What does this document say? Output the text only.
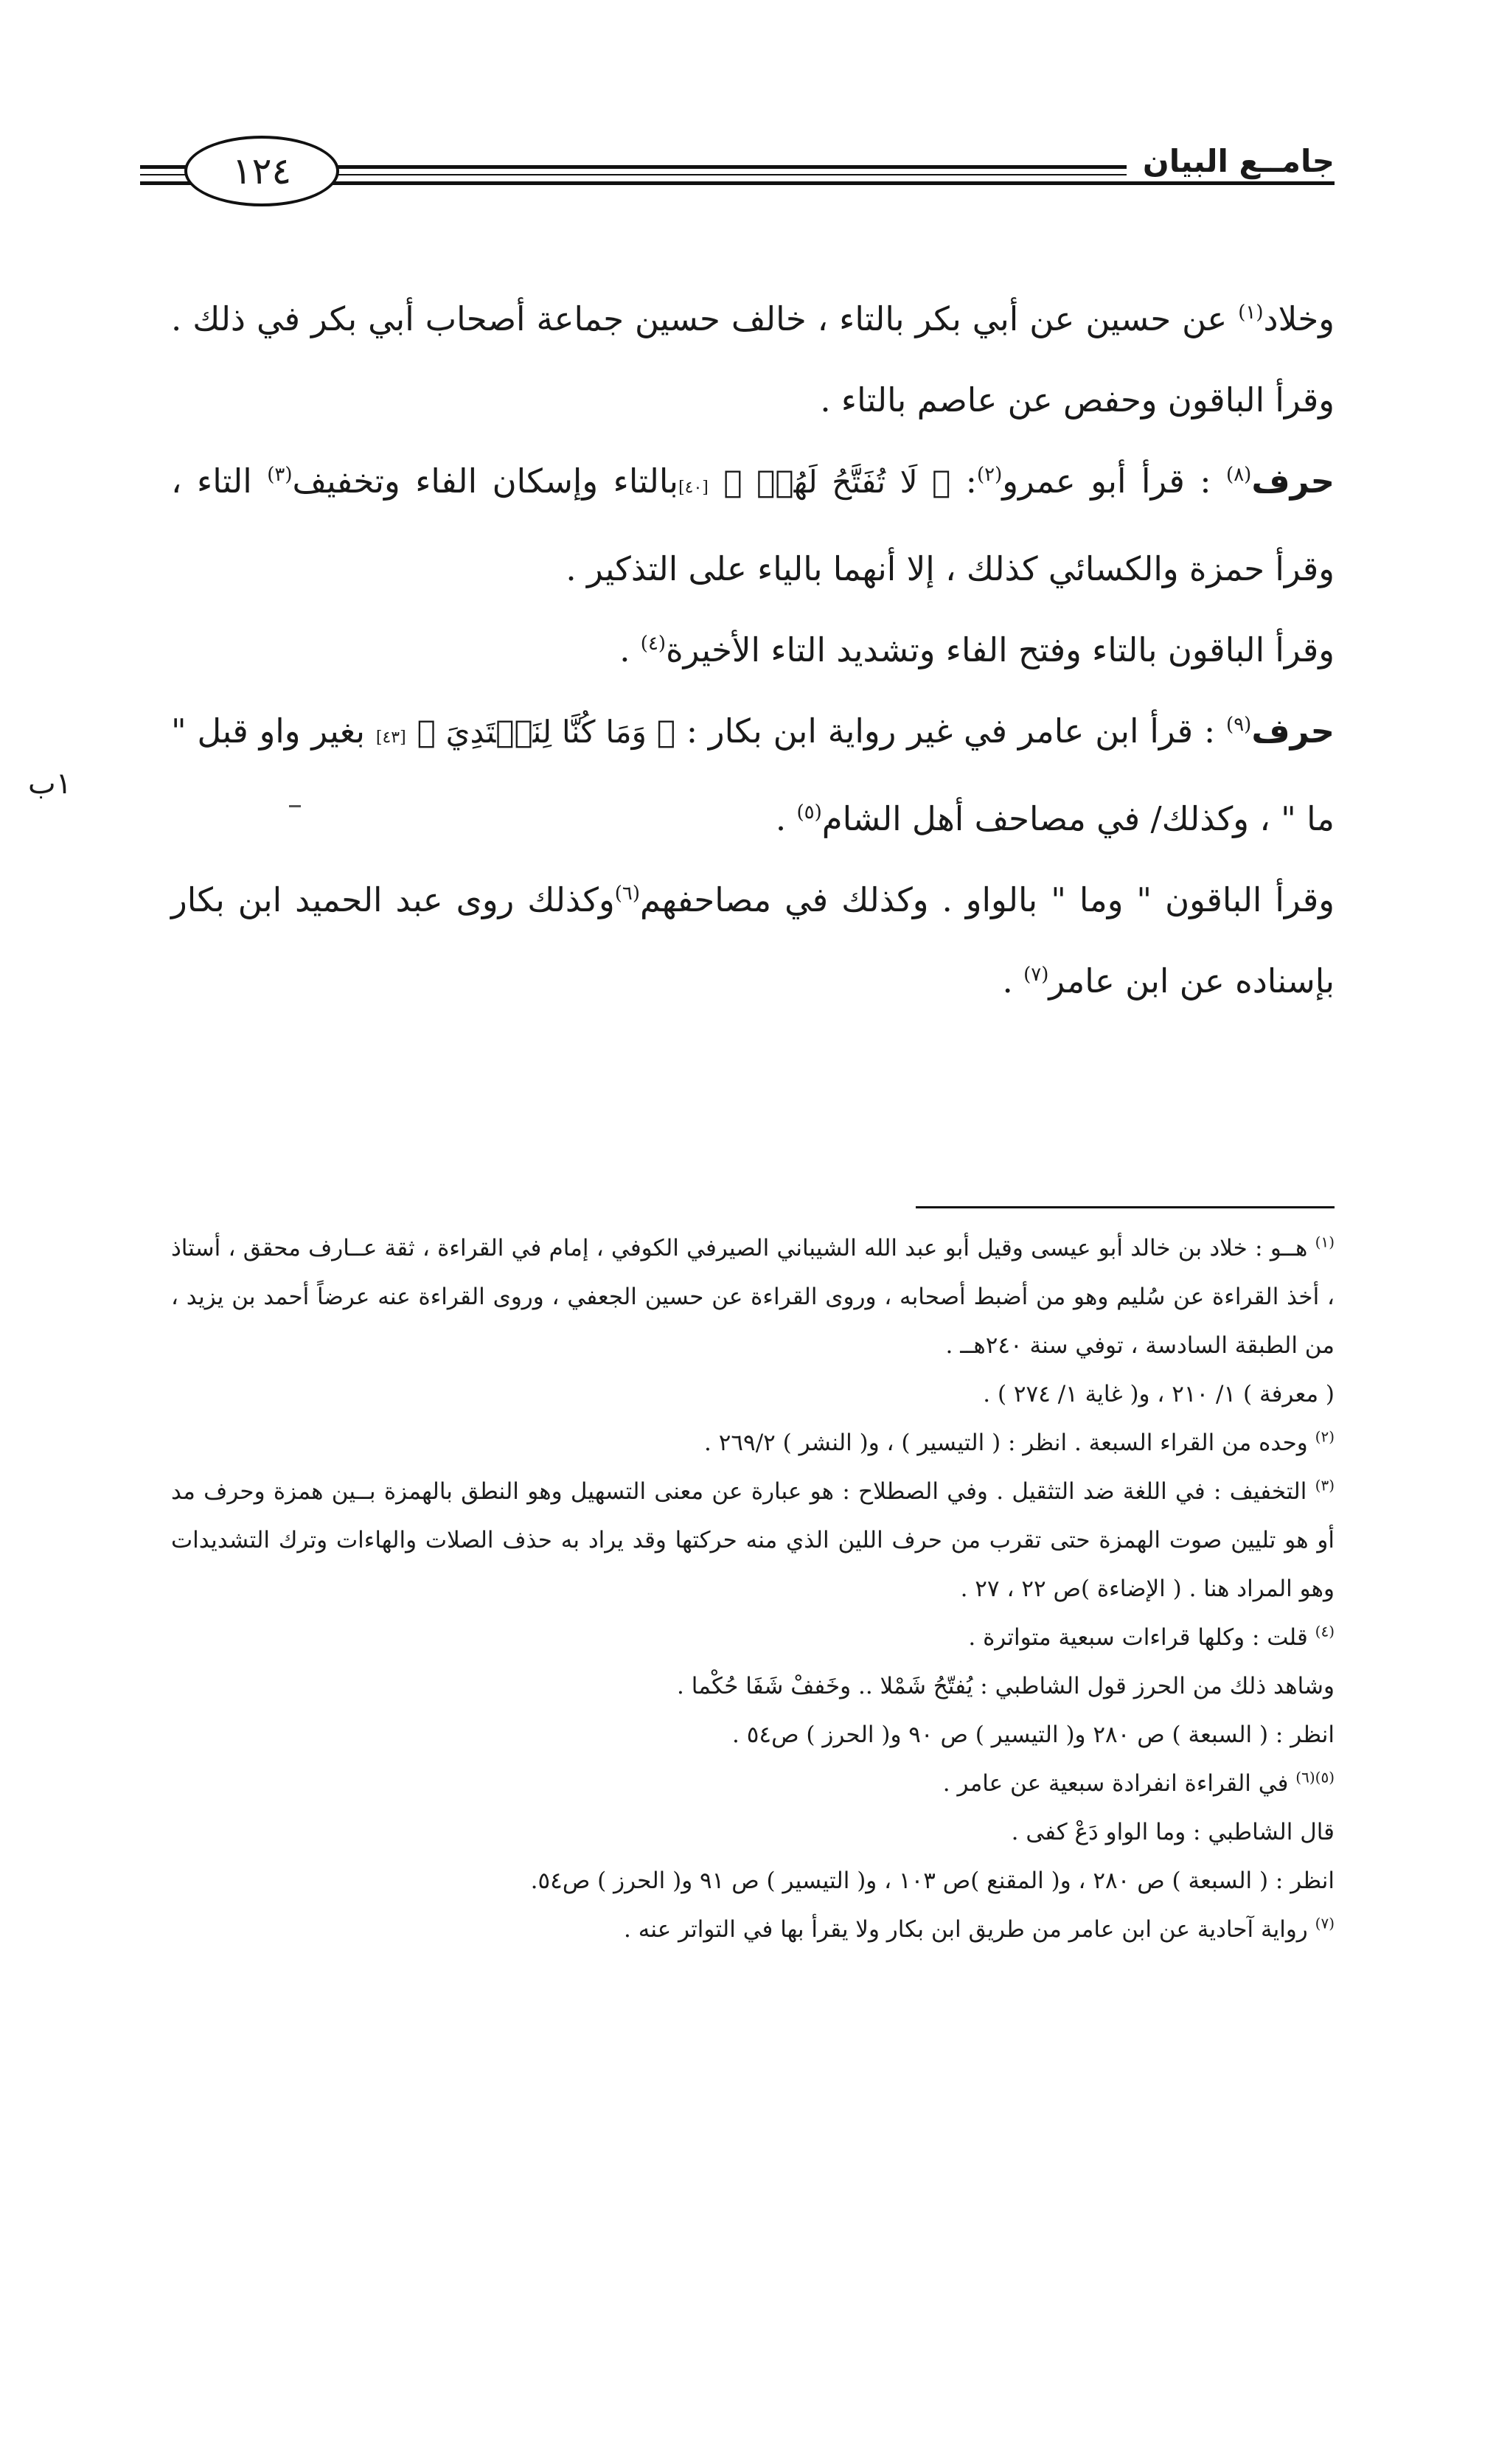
١٢٤	جامــع البيان

وخلاد$^{(١)}$ عن حسين عن أبي بكر بالتاء ، خالف حسين جماعة أصحاب أبي بكر في ذلك . وقرأ الباقون وحفص عن عاصم بالتاء .

حرف$^{(٨)}$ : قرأ أبو عمرو$^{(٢)}$: ﴿ لَا تُفَتَّحُ لَهُمۡ ﴾ [٤٠]بالتاء وإسكان الفاء وتخفيف$^{(٣)}$ التاء ، وقرأ حمزة والكسائي كذلك ، إلا أنهما بالياء على التذكير .

وقرأ الباقون بالتاء وفتح الفاء وتشديد التاء الأخيرة$^{(٤)}$ .

حرف$^{(٩)}$ : قرأ ابن عامر في غير رواية ابن بكار : ﴿ وَمَا كُنَّا لِنَهۡتَدِيَ ﴾ [٤٣] بغير واو قبل " ما " ، وكذلك/ في مصاحف أهل الشام$^{(٥)}$ .

وقرأ الباقون " وما " بالواو . وكذلك في مصاحفهم$^{(٦)}$وكذلك روى عبد الحميد ابن بكار بإسناده عن ابن عامر$^{(٧)}$ .

١ب

$^{(١)}$ هــو : خلاد بن خالد أبو عيسى وقيل أبو عبد الله الشيباني الصيرفي الكوفي ، إمام في القراءة ، ثقة عــارف محقق ، أستاذ ، أخذ القراءة عن سُليم وهو من أضبط أصحابه ، وروى القراءة عن حسين الجعفي ، وروى القراءة عنه عرضاً أحمد بن يزيد ، من الطبقة السادسة ، توفي سنة ٢٤٠هــ .

( معرفة ) ١/ ٢١٠ ، و( غاية ١/ ٢٧٤ ) .

$^{(٢)}$ وحده من القراء السبعة . انظر : ( التيسير ) ، و( النشر ) ٢٦٩/٢ .

$^{(٣)}$ التخفيف : في اللغة ضد التثقيل . وفي الصطلاح : هو عبارة عن معنى التسهيل وهو النطق بالهمزة بــين همزة وحرف مد أو هو تليين صوت الهمزة حتى تقرب من حرف اللين الذي منه حركتها وقد يراد به حذف الصلات والهاءات وترك التشديدات وهو المراد هنا . ( الإضاءة )ص ٢٢ ، ٢٧ .

$^{(٤)}$ قلت : وكلها قراءات سبعية متواترة .

وشاهد ذلك من الحرز قول الشاطبي : يُفتّحُ شَمْلا .. وخَففْ شَفَا حُكْما .

انظر : ( السبعة ) ص ٢٨٠ و( التيسير ) ص ٩٠ و( الحرز ) ص٥٤ .

$^{(٥)(٦)}$ في القراءة انفرادة سبعية عن عامر .

قال الشاطبي : وما الواو دَعْ كفى .

انظر : ( السبعة ) ص ٢٨٠ ، و( المقنع )ص ١٠٣ ، و( التيسير ) ص ٩١ و( الحرز ) ص٥٤.

$^{(٧)}$ رواية آحادية عن ابن عامر من طريق ابن بكار ولا يقرأ بها في التواتر عنه .
